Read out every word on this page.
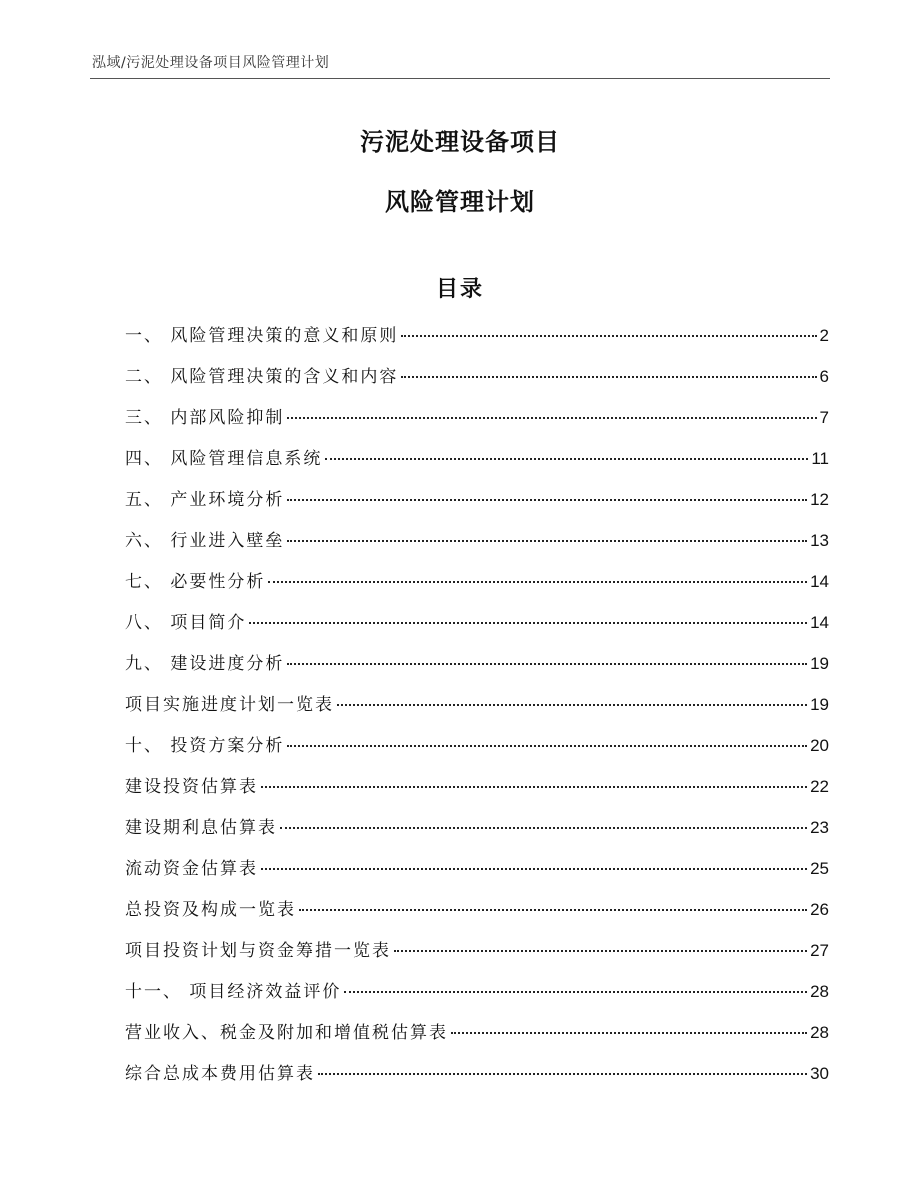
泓域/污泥处理设备项目风险管理计划
污泥处理设备项目
风险管理计划
目录
一、 风险管理决策的意义和原则	2
二、 风险管理决策的含义和内容	6
三、 内部风险抑制	7
四、 风险管理信息系统	11
五、 产业环境分析	12
六、 行业进入壁垒	13
七、 必要性分析	14
八、 项目简介	14
九、 建设进度分析	19
项目实施进度计划一览表	19
十、 投资方案分析	20
建设投资估算表	22
建设期利息估算表	23
流动资金估算表	25
总投资及构成一览表	26
项目投资计划与资金筹措一览表	27
十一、 项目经济效益评价	28
营业收入、税金及附加和增值税估算表	28
综合总成本费用估算表	30
